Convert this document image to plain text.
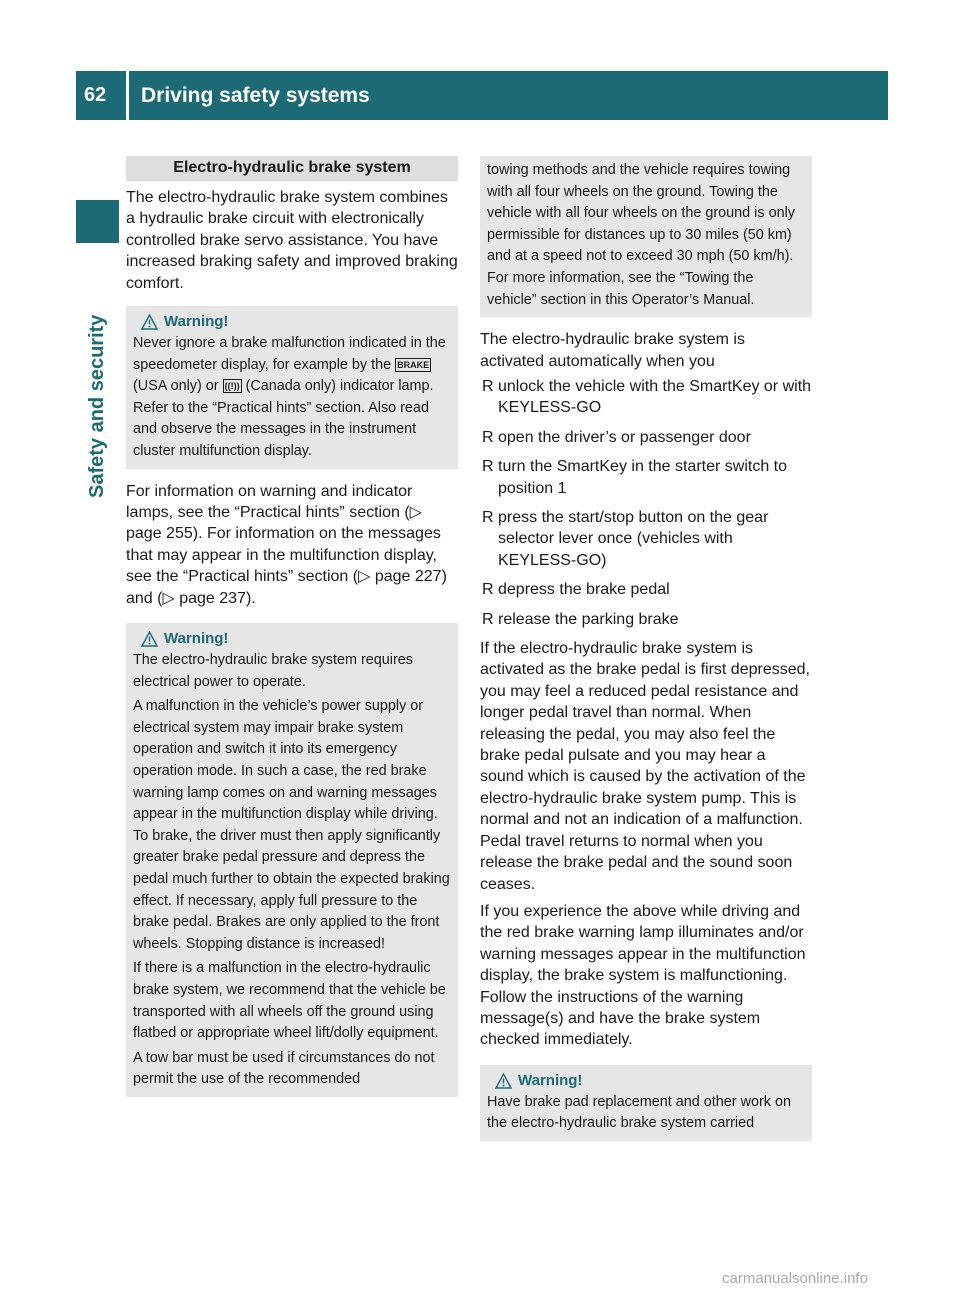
62 Driving safety systems
Safety and security
Electro-hydraulic brake system

The electro-hydraulic brake system combines a hydraulic brake circuit with electronically controlled brake servo assistance. You have increased braking safety and improved braking comfort.

Warning!

Never ignore a brake malfunction indicated in the speedometer display, for example by the BRAKE (USA only) or ((!)) (Canada only) indicator lamp. Refer to the “Practical hints” section. Also read and observe the messages in the instrument cluster multifunction display.

For information on warning and indicator lamps, see the “Practical hints” section (▷ page 255). For information on the messages that may appear in the multifunction display, see the “Practical hints” section (▷ page 227) and (▷ page 237).

Warning!

The electro-hydraulic brake system requires electrical power to operate.

A malfunction in the vehicle’s power supply or electrical system may impair brake system operation and switch it into its emergency operation mode. In such a case, the red brake warning lamp comes on and warning messages appear in the multifunction display while driving. To brake, the driver must then apply significantly greater brake pedal pressure and depress the pedal much further to obtain the expected braking effect. If necessary, apply full pressure to the brake pedal. Brakes are only applied to the front wheels. Stopping distance is increased!

If there is a malfunction in the electro-hydraulic brake system, we recommend that the vehicle be transported with all wheels off the ground using flatbed or appropriate wheel lift/dolly equipment.

A tow bar must be used if circumstances do not permit the use of the recommended

towing methods and the vehicle requires towing with all four wheels on the ground. Towing the vehicle with all four wheels on the ground is only permissible for distances up to 30 miles (50 km) and at a speed not to exceed 30 mph (50 km/h). For more information, see the “Towing the vehicle” section in this Operator’s Manual.

The electro-hydraulic brake system is activated automatically when you

R unlock the vehicle with the SmartKey or with KEYLESS-GO
R open the driver’s or passenger door
R turn the SmartKey in the starter switch to position 1
R press the start/stop button on the gear selector lever once (vehicles with KEYLESS-GO)
R depress the brake pedal
R release the parking brake

If the electro-hydraulic brake system is activated as the brake pedal is first depressed, you may feel a reduced pedal resistance and longer pedal travel than normal. When releasing the pedal, you may also feel the brake pedal pulsate and you may hear a sound which is caused by the activation of the electro-hydraulic brake system pump. This is normal and not an indication of a malfunction. Pedal travel returns to normal when you release the brake pedal and the sound soon ceases.

If you experience the above while driving and the red brake warning lamp illuminates and/or warning messages appear in the multifunction display, the brake system is malfunctioning. Follow the instructions of the warning message(s) and have the brake system checked immediately.

Warning!

Have brake pad replacement and other work on the electro-hydraulic brake system carried

carmanualsonline.info
